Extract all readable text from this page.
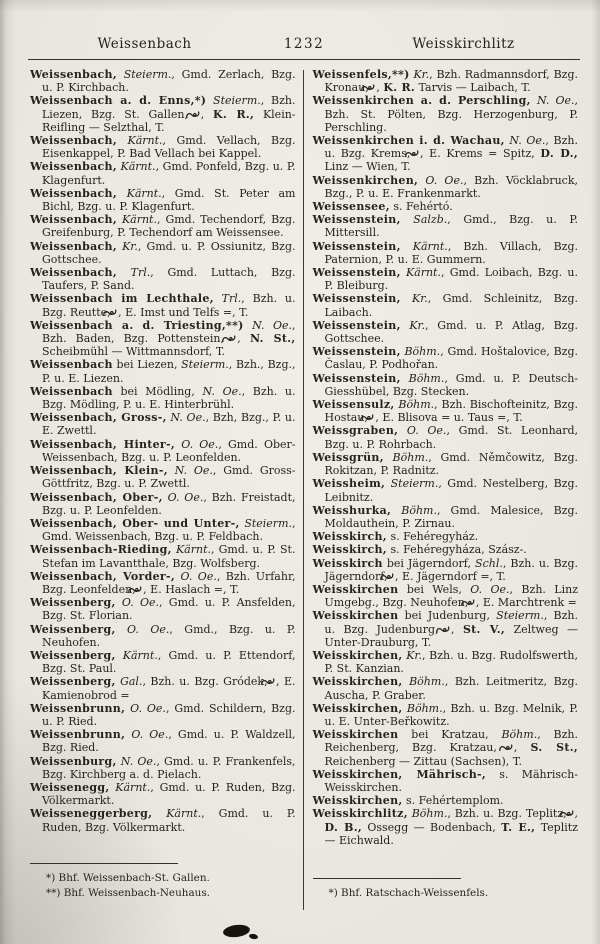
Weissenbach	1232	Weisskirchlitz

Weissenbach, Steierm., Gmd. Zerlach, Bzg. u. P. Kirchbach.

Weissenbach a. d. Enns,*) Steierm., Bzh. Liezen, Bzg. St. Gallen, , K. R., Klein-Reifling — Selzthal, T.

Weissenbach, Kärnt., Gmd. Vellach, Bzg. Eisenkappel, P. Bad Vellach bei Kappel.

Weissenbach, Kärnt., Gmd. Ponfeld, Bzg. u. P. Klagenfurt.

Weissenbach, Kärnt., Gmd. St. Peter am Bichl, Bzg. u. P. Klagenfurt.

Weissenbach, Kärnt., Gmd. Techendorf, Bzg. Greifenburg, P. Techendorf am Weissensee.

Weissenbach, Kr., Gmd. u. P. Ossiunitz, Bzg. Gottschee.

Weissenbach, Trl., Gmd. Luttach, Bzg. Taufers, P. Sand.

Weissenbach im Lechthale, Trl., Bzh. u. Bzg. Reutte, , E. Imst und Telfs =, T.

Weissenbach a. d. Triesting,**) N. Oe., Bzh. Baden, Bzg. Pottenstein, , N. St., Scheibmühl — Wittmannsdorf, T.

Weissenbach bei Liezen, Steierm., Bzh., Bzg., P. u. E. Liezen.

Weissenbach bei Mödling, N. Oe., Bzh. u. Bzg. Mödling, P. u. E. Hinterbrühl.

Weissenbach, Gross-, N. Oe., Bzh, Bzg., P. u. E. Zwettl.

Weissenbach, Hinter-, O. Oe., Gmd. Ober-Weissenbach, Bzg. u. P. Leonfelden.

Weissenbach, Klein-, N. Oe., Gmd. Gross-Göttfritz, Bzg. u. P. Zwettl.

Weissenbach, Ober-, O. Oe., Bzh. Freistadt, Bzg. u. P. Leonfelden.

Weissenbach, Ober- und Unter-, Steierm., Gmd. Weissenbach, Bzg. u. P. Feldbach.

Weissenbach-Rieding, Kärnt., Gmd. u. P. St. Stefan im Lavantthale, Bzg. Wolfsberg.

Weissenbach, Vorder-, O. Oe., Bzh. Urfahr, Bzg. Leonfelden, , E. Haslach =, T.

Weissenberg, O. Oe., Gmd. u. P. Ansfelden, Bzg. St. Florian.

Weissenberg, O. Oe., Gmd., Bzg. u. P. Neuhofen.

Weissenberg, Kärnt., Gmd. u. P. Ettendorf, Bzg. St. Paul.

Weissenberg, Gal., Bzh. u. Bzg. Gródek, , E. Kamienobrod =

Weissenbrunn, O. Oe., Gmd. Schildern, Bzg. u. P. Ried.

Weissenbrunn, O. Oe., Gmd. u. P. Waldzell, Bzg. Ried.

Weissenburg, N. Oe., Gmd. u. P. Frankenfels, Bzg. Kirchberg a. d. Pielach.

Weissenegg, Kärnt., Gmd. u. P. Ruden, Bzg. Völkermarkt.

Weisseneggerberg, Kärnt., Gmd. u. P. Ruden, Bzg. Völkermarkt.

*) Bhf. Weissenbach-St. Gallen.

**) Bhf. Weissenbach-Neuhaus.

Weissenfels,**) Kr., Bzh. Radmannsdorf, Bzg. Kronau, , K. R. Tarvis — Laibach, T.

Weissenkirchen a. d. Perschling, N. Oe., Bzh. St. Pölten, Bzg. Herzogenburg, P. Perschling.

Weissenkirchen i. d. Wachau, N. Oe., Bzh. u. Bzg. Krems, , E. Krems = Spitz, D. D., Linz — Wien, T.

Weissenkirchen, O. Oe., Bzh. Vöcklabruck, Bzg., P. u. E. Frankenmarkt.

Weissensee, s. Fehértó.

Weissenstein, Salzb., Gmd., Bzg. u. P. Mittersill.

Weissenstein, Kärnt., Bzh. Villach, Bzg. Paternion, P. u. E. Gummern.

Weissenstein, Kärnt., Gmd. Loibach, Bzg. u. P. Bleiburg.

Weissenstein, Kr., Gmd. Schleinitz, Bzg. Laibach.

Weissenstein, Kr., Gmd. u. P. Atlag, Bzg. Gottschee.

Weissenstein, Böhm., Gmd. Hoštalovice, Bzg. Časlau, P. Podhořan.

Weissenstein, Böhm., Gmd. u. P. Deutsch-Giesshübel, Bzg. Stecken.

Weissensulz, Böhm., Bzh. Bischofteinitz, Bzg. Hostau, , E. Blisova = u. Taus =, T.

Weissgraben, O. Oe., Gmd. St. Leonhard, Bzg. u. P. Rohrbach.

Weissgrün, Böhm., Gmd. Němčowitz, Bzg. Rokitzan, P. Radnitz.

Weissheim, Steierm., Gmd. Nestelberg, Bzg. Leibnitz.

Weisshurka, Böhm., Gmd. Malesice, Bzg. Moldauthein, P. Zirnau.

Weisskirch, s. Fehéregyház.

Weisskirch, s. Fehéregyháza, Szász-.

Weisskirch bei Jägerndorf, Schl., Bzh. u. Bzg. Jägerndorf, , E. Jägerndorf =, T.

Weisskirchen bei Wels, O. Oe., Bzh. Linz Umgebg., Bzg. Neuhofen, , E. Marchtrenk =

Weisskirchen bei Judenburg, Steierm., Bzh. u. Bzg. Judenburg, , St. V., Zeltweg — Unter-Drauburg, T.

Weisskirchen, Kr., Bzh. u. Bzg. Rudolfswerth, P. St. Kanzian.

Weisskirchen, Böhm., Bzh. Leitmeritz, Bzg. Auscha, P. Graber.

Weisskirchen, Böhm., Bzh. u. Bzg. Melnik, P. u. E. Unter-Beřkowitz.

Weisskirchen bei Kratzau, Böhm., Bzh. Reichenberg, Bzg. Kratzau, , S. St., Reichenberg — Zittau (Sachsen), T.

Weisskirchen, Mährisch-, s. Mährisch-Weisskirchen.

Weisskirchen, s. Fehértemplom.

Weisskirchlitz, Böhm., Bzh. u. Bzg. Teplitz, , D. B., Ossegg — Bodenbach, T. E., Teplitz — Eichwald.

*) Bhf. Ratschach-Weissenfels.
